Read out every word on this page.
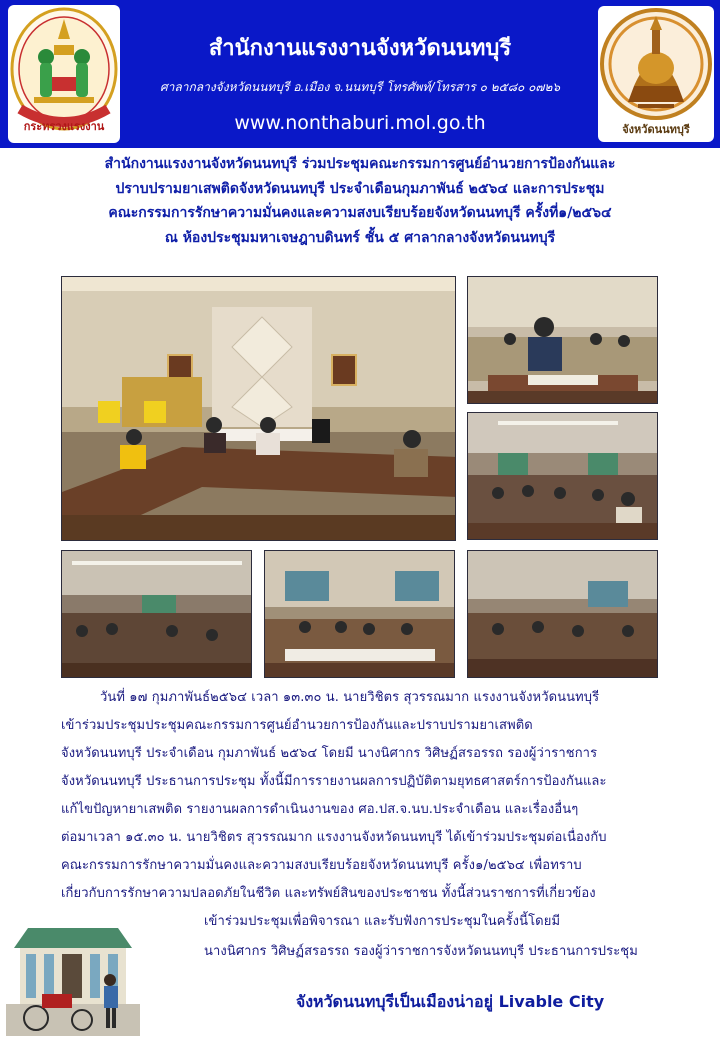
กระทรวงแรงงาน
สำนักงานแรงงานจังหวัดนนทบุรี
ศาลากลางจังหวัดนนทบุรี อ.เมือง จ.นนทบุรี โทรศัพท์/โทรสาร ๐ ๒๕๘๐ ๐๗๒๖
www.nonthaburi.mol.go.th	จังหวัดนนทบุรี
สำนักงานแรงงานจังหวัดนนทบุรี ร่วมประชุมคณะกรรมการศูนย์อำนวยการป้องกันและ
ปราบปรามยาเสพติดจังหวัดนนทบุรี ประจำเดือนกุมภาพันธ์ ๒๕๖๔ และการประชุม
คณะกรรมการรักษาความมั่นคงและความสงบเรียบร้อยจังหวัดนนทบุรี ครั้งที่๑/๒๕๖๔
ณ ห้องประชุมมหาเจษฎาบดินทร์ ชั้น ๕ ศาลากลางจังหวัดนนทบุรี
วันที่ ๑๗ กุมภาพันธ์๒๕๖๔ เวลา ๑๓.๓๐ น. นายวิชิตร สุวรรณมาก แรงงานจังหวัดนนทบุรี
เข้าร่วมประชุมประชุมคณะกรรมการศูนย์อำนวยการป้องกันและปราบปรามยาเสพติด
จังหวัดนนทบุรี ประจำเดือน กุมภาพันธ์ ๒๕๖๔ โดยมี นางนิศากร วิศิษฏ์สรอรรถ รองผู้ว่าราชการ
จังหวัดนนทบุรี ประธานการประชุม ทั้งนี้มีการรายงานผลการปฏิบัติตามยุทธศาสตร์การป้องกันและ
แก้ไขปัญหายาเสพติด รายงานผลการดำเนินงานของ ศอ.ปส.จ.นบ.ประจำเดือน และเรื่องอื่นๆ
ต่อมาเวลา ๑๕.๓๐ น. นายวิชิตร สุวรรณมาก แรงงานจังหวัดนนทบุรี ได้เข้าร่วมประชุมต่อเนื่องกับ
คณะกรรมการรักษาความมั่นคงและความสงบเรียบร้อยจังหวัดนนทบุรี ครั้ง๑/๒๕๖๔ เพื่อทราบ
เกี่ยวกับการรักษาความปลอดภัยในชีวิต และทรัพย์สินของประชาชน ทั้งนี้ส่วนราชการที่เกี่ยวข้อง
เข้าร่วมประชุมเพื่อพิจารณา และรับฟังการประชุมในครั้งนี้โดยมี
นางนิศากร วิศิษฏ์สรอรรถ รองผู้ว่าราชการจังหวัดนนทบุรี ประธานการประชุม
จังหวัดนนทบุรีเป็นเมืองน่าอยู่ Livable City
